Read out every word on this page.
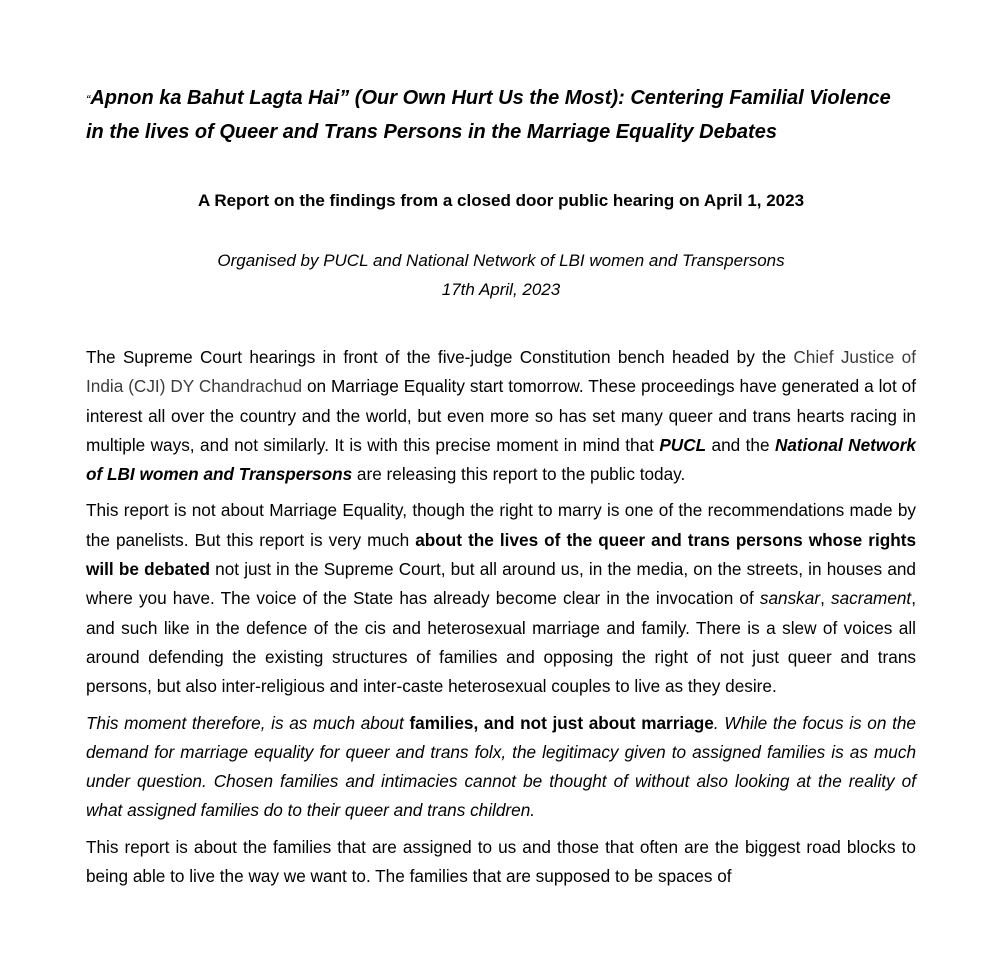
“Apnon ka Bahut Lagta Hai” (Our Own Hurt Us the Most): Centering Familial Violence
in the lives of Queer and Trans Persons in the Marriage Equality Debates
A Report on the findings from a closed door public hearing on April 1, 2023
Organised by PUCL and National Network of LBI women and Transpersons
17th April, 2023

The Supreme Court hearings in front of the five-judge Constitution bench headed by the Chief Justice of India (CJI) DY Chandrachud on Marriage Equality start tomorrow. These proceedings have generated a lot of interest all over the country and the world, but even more so has set many queer and trans hearts racing in multiple ways, and not similarly. It is with this precise moment in mind that PUCL and the National Network of LBI women and Transpersons are releasing this report to the public today.

This report is not about Marriage Equality, though the right to marry is one of the recommendations made by the panelists. But this report is very much about the lives of the queer and trans persons whose rights will be debated not just in the Supreme Court, but all around us, in the media, on the streets, in houses and where you have. The voice of the State has already become clear in the invocation of sanskar, sacrament, and such like in the defence of the cis and heterosexual marriage and family. There is a slew of voices all around defending the existing structures of families and opposing the right of not just queer and trans persons, but also inter-religious and inter-caste heterosexual couples to live as they desire.

This moment therefore, is as much about families, and not just about marriage. While the focus is on the demand for marriage equality for queer and trans folx, the legitimacy given to assigned families is as much under question. Chosen families and intimacies cannot be thought of without also looking at the reality of what assigned families do to their queer and trans children.

This report is about the families that are assigned to us and those that often are the biggest road blocks to being able to live the way we want to. The families that are supposed to be spaces of
